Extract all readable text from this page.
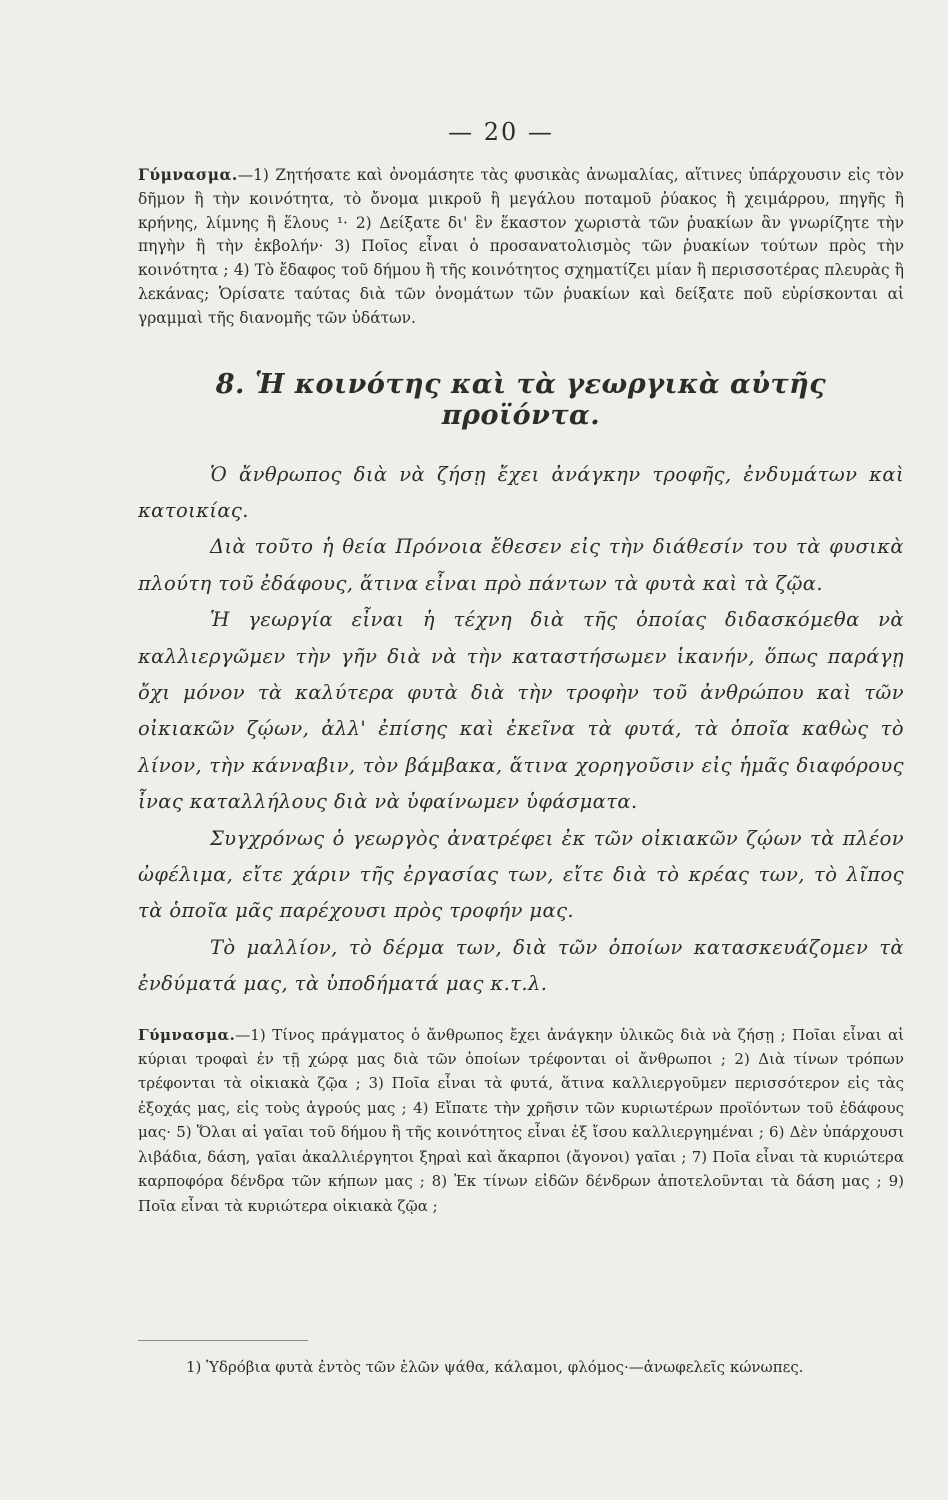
— 20 —

Γύμνασμα.—1) Ζητήσατε καὶ ὀνομάσητε τὰς φυσικὰς ἀνωμαλίας, αἵτινες ὑπάρχουσιν εἰς τὸν δῆμον ἢ τὴν κοινότητα, τὸ ὄνομα μικροῦ ἢ μεγάλου ποταμοῦ ῥύακος ἢ χειμάρρου, πηγῆς ἢ κρήνης, λίμνης ἢ ἕλους ¹· 2) Δείξατε δι' ἓν ἕκαστον χωριστὰ τῶν ῥυακίων ἂν γνωρίζητε τὴν πηγὴν ἢ τὴν ἐκβολήν· 3) Ποῖος εἶναι ὁ προσανατολισμὸς τῶν ῥυακίων τούτων πρὸς τὴν κοινότητα ; 4) Τὸ ἔδαφος τοῦ δήμου ἢ τῆς κοινότητος σχηματίζει μίαν ἢ περισσοτέρας πλευρὰς ἢ λεκάνας; Ὁρίσατε ταύτας διὰ τῶν ὀνομάτων τῶν ῥυακίων καὶ δείξατε ποῦ εὑρίσκονται αἱ γραμμαὶ τῆς διανομῆς τῶν ὑδάτων.

8. Ἡ κοινότης καὶ τὰ γεωργικὰ αὐτῆς προϊόντα.

Ὁ ἄνθρωπος διὰ νὰ ζήσῃ ἔχει ἀνάγκην τροφῆς, ἐνδυμάτων καὶ κατοικίας.

Διὰ τοῦτο ἡ θεία Πρόνοια ἔθεσεν εἰς τὴν διάθεσίν του τὰ φυσικὰ πλούτη τοῦ ἐδάφους, ἅτινα εἶναι πρὸ πάντων τὰ φυτὰ καὶ τὰ ζῷα.

Ἡ γεωργία εἶναι ἡ τέχνη διὰ τῆς ὁποίας διδασκόμεθα νὰ καλλιεργῶμεν τὴν γῆν διὰ νὰ τὴν καταστήσωμεν ἱκανήν, ὅπως παράγῃ ὄχι μόνον τὰ καλύτερα φυτὰ διὰ τὴν τροφὴν τοῦ ἀνθρώπου καὶ τῶν οἰκιακῶν ζῴων, ἀλλ' ἐπίσης καὶ ἐκεῖνα τὰ φυτά, τὰ ὁποῖα καθὼς τὸ λίνον, τὴν κάνναβιν, τὸν βάμβακα, ἅτινα χορηγοῦσιν εἰς ἡμᾶς διαφόρους ἶνας καταλλήλους διὰ νὰ ὑφαίνωμεν ὑφάσματα.

Συγχρόνως ὁ γεωργὸς ἀνατρέφει ἐκ τῶν οἰκιακῶν ζῴων τὰ πλέον ὠφέλιμα, εἴτε χάριν τῆς ἐργασίας των, εἴτε διὰ τὸ κρέας των, τὸ λῖπος τὰ ὁποῖα μᾶς παρέχουσι πρὸς τροφήν μας.

Τὸ μαλλίον, τὸ δέρμα των, διὰ τῶν ὁποίων κατασκευάζομεν τὰ ἐνδύματά μας, τὰ ὑποδήματά μας κ.τ.λ.

Γύμνασμα.—1) Τίνος πράγματος ὁ ἄνθρωπος ἔχει ἀνάγκην ὑλικῶς διὰ νὰ ζήσῃ ; Ποῖαι εἶναι αἱ κύριαι τροφαὶ ἐν τῇ χώρᾳ μας διὰ τῶν ὁποίων τρέφονται οἱ ἄνθρωποι ; 2) Διὰ τίνων τρόπων τρέφονται τὰ οἰκιακὰ ζῷα ; 3) Ποῖα εἶναι τὰ φυτά, ἅτινα καλλιεργοῦμεν περισσότερον εἰς τὰς ἐξοχάς μας, εἰς τοὺς ἀγρούς μας ; 4) Εἴπατε τὴν χρῆσιν τῶν κυριωτέρων προϊόντων τοῦ ἐδάφους μας· 5) Ὅλαι αἱ γαῖαι τοῦ δήμου ἢ τῆς κοινότητος εἶναι ἐξ ἴσου καλλιεργημέναι ; 6) Δὲν ὑπάρχουσι λιβάδια, δάση, γαῖαι ἀκαλλιέργητοι ξηραὶ καὶ ἄκαρποι (ἄγονοι) γαῖαι ; 7) Ποῖα εἶναι τὰ κυριώτερα καρποφόρα δένδρα τῶν κήπων μας ; 8) Ἐκ τίνων εἰδῶν δένδρων ἀποτελοῦνται τὰ δάση μας ; 9) Ποῖα εἶναι τὰ κυριώτερα οἰκιακὰ ζῷα ;

1) Ὑδρόβια φυτὰ ἐντὸς τῶν ἑλῶν ψάθα, κάλαμοι, φλόμος·—ἀνωφελεῖς κώνωπες.
